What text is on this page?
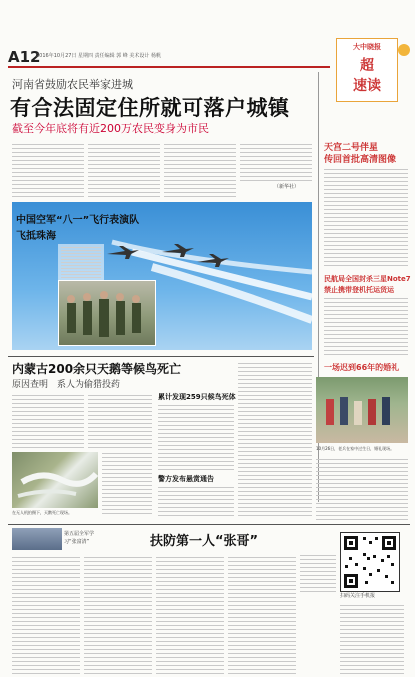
A12
2016年10月27日 星期四 责任编辑 郭 峰 美术设计 杨帆
大中晓报
超
速读
河南省鼓励农民举家进城
有合法固定住所就可落户城镇
截至今年底将有近200万农民变身为市民
（新华社）
中国空军“八一”飞行表演队
飞抵珠海
天宫二号伴星
传回首批高清图像
民航局全国封杀三星Note7
禁止携带登机托运货运
一场迟到66年的婚礼
10月26日，老兵在家中过生日，婚礼现场。
内蒙古200余只天鹅等候鸟死亡
原因查明　系人为偷猎投药
在无人机拍摄下，天鹅死亡现场。
累计发现259只候鸟死体
警方发布悬赏通告
第五届全军学
习“张富清”	扶防第一人“张哥”
扫码关注手机报
